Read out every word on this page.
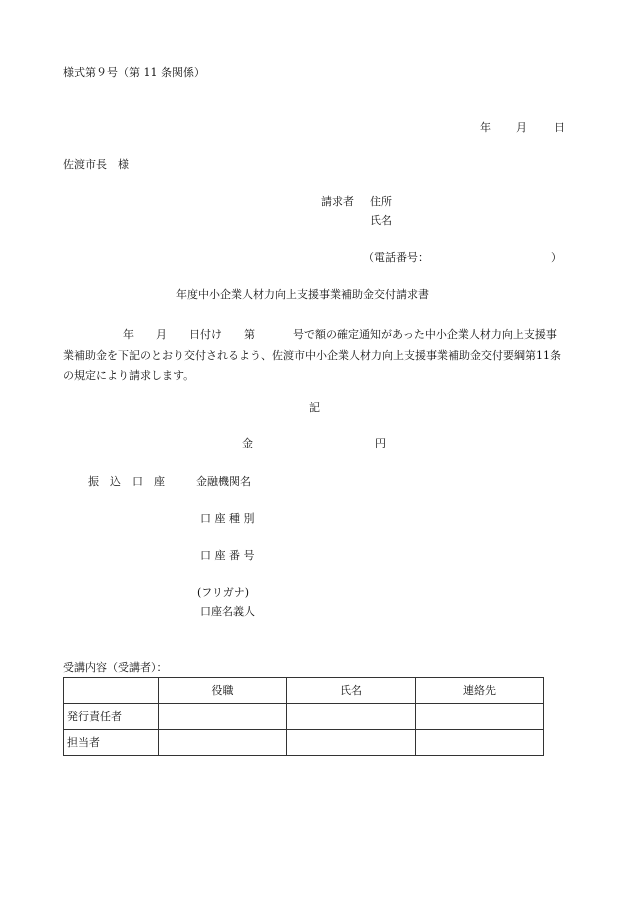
様式第９号（第 11 条関係）
年 月 日
佐渡市長　様
請求者 住所
氏名
（電話番号：	）
年度中小企業人材力向上支援事業補助金交付請求書
年 月 日付け 第	号で額の確定通知があった中小企業人材力向上支援事業補助金を下記のとおり交付されるよう、佐渡市中小企業人材力向上支援事業補助金交付要綱第11条の規定により請求します。
記
金	円
振　込　口　座	金融機関名
口 座 種 別
口 座 番 号
(フリガナ)
口座名義人
受講内容（受講者）：
	役職	氏名	連絡先
発行責任者			
担当者			
